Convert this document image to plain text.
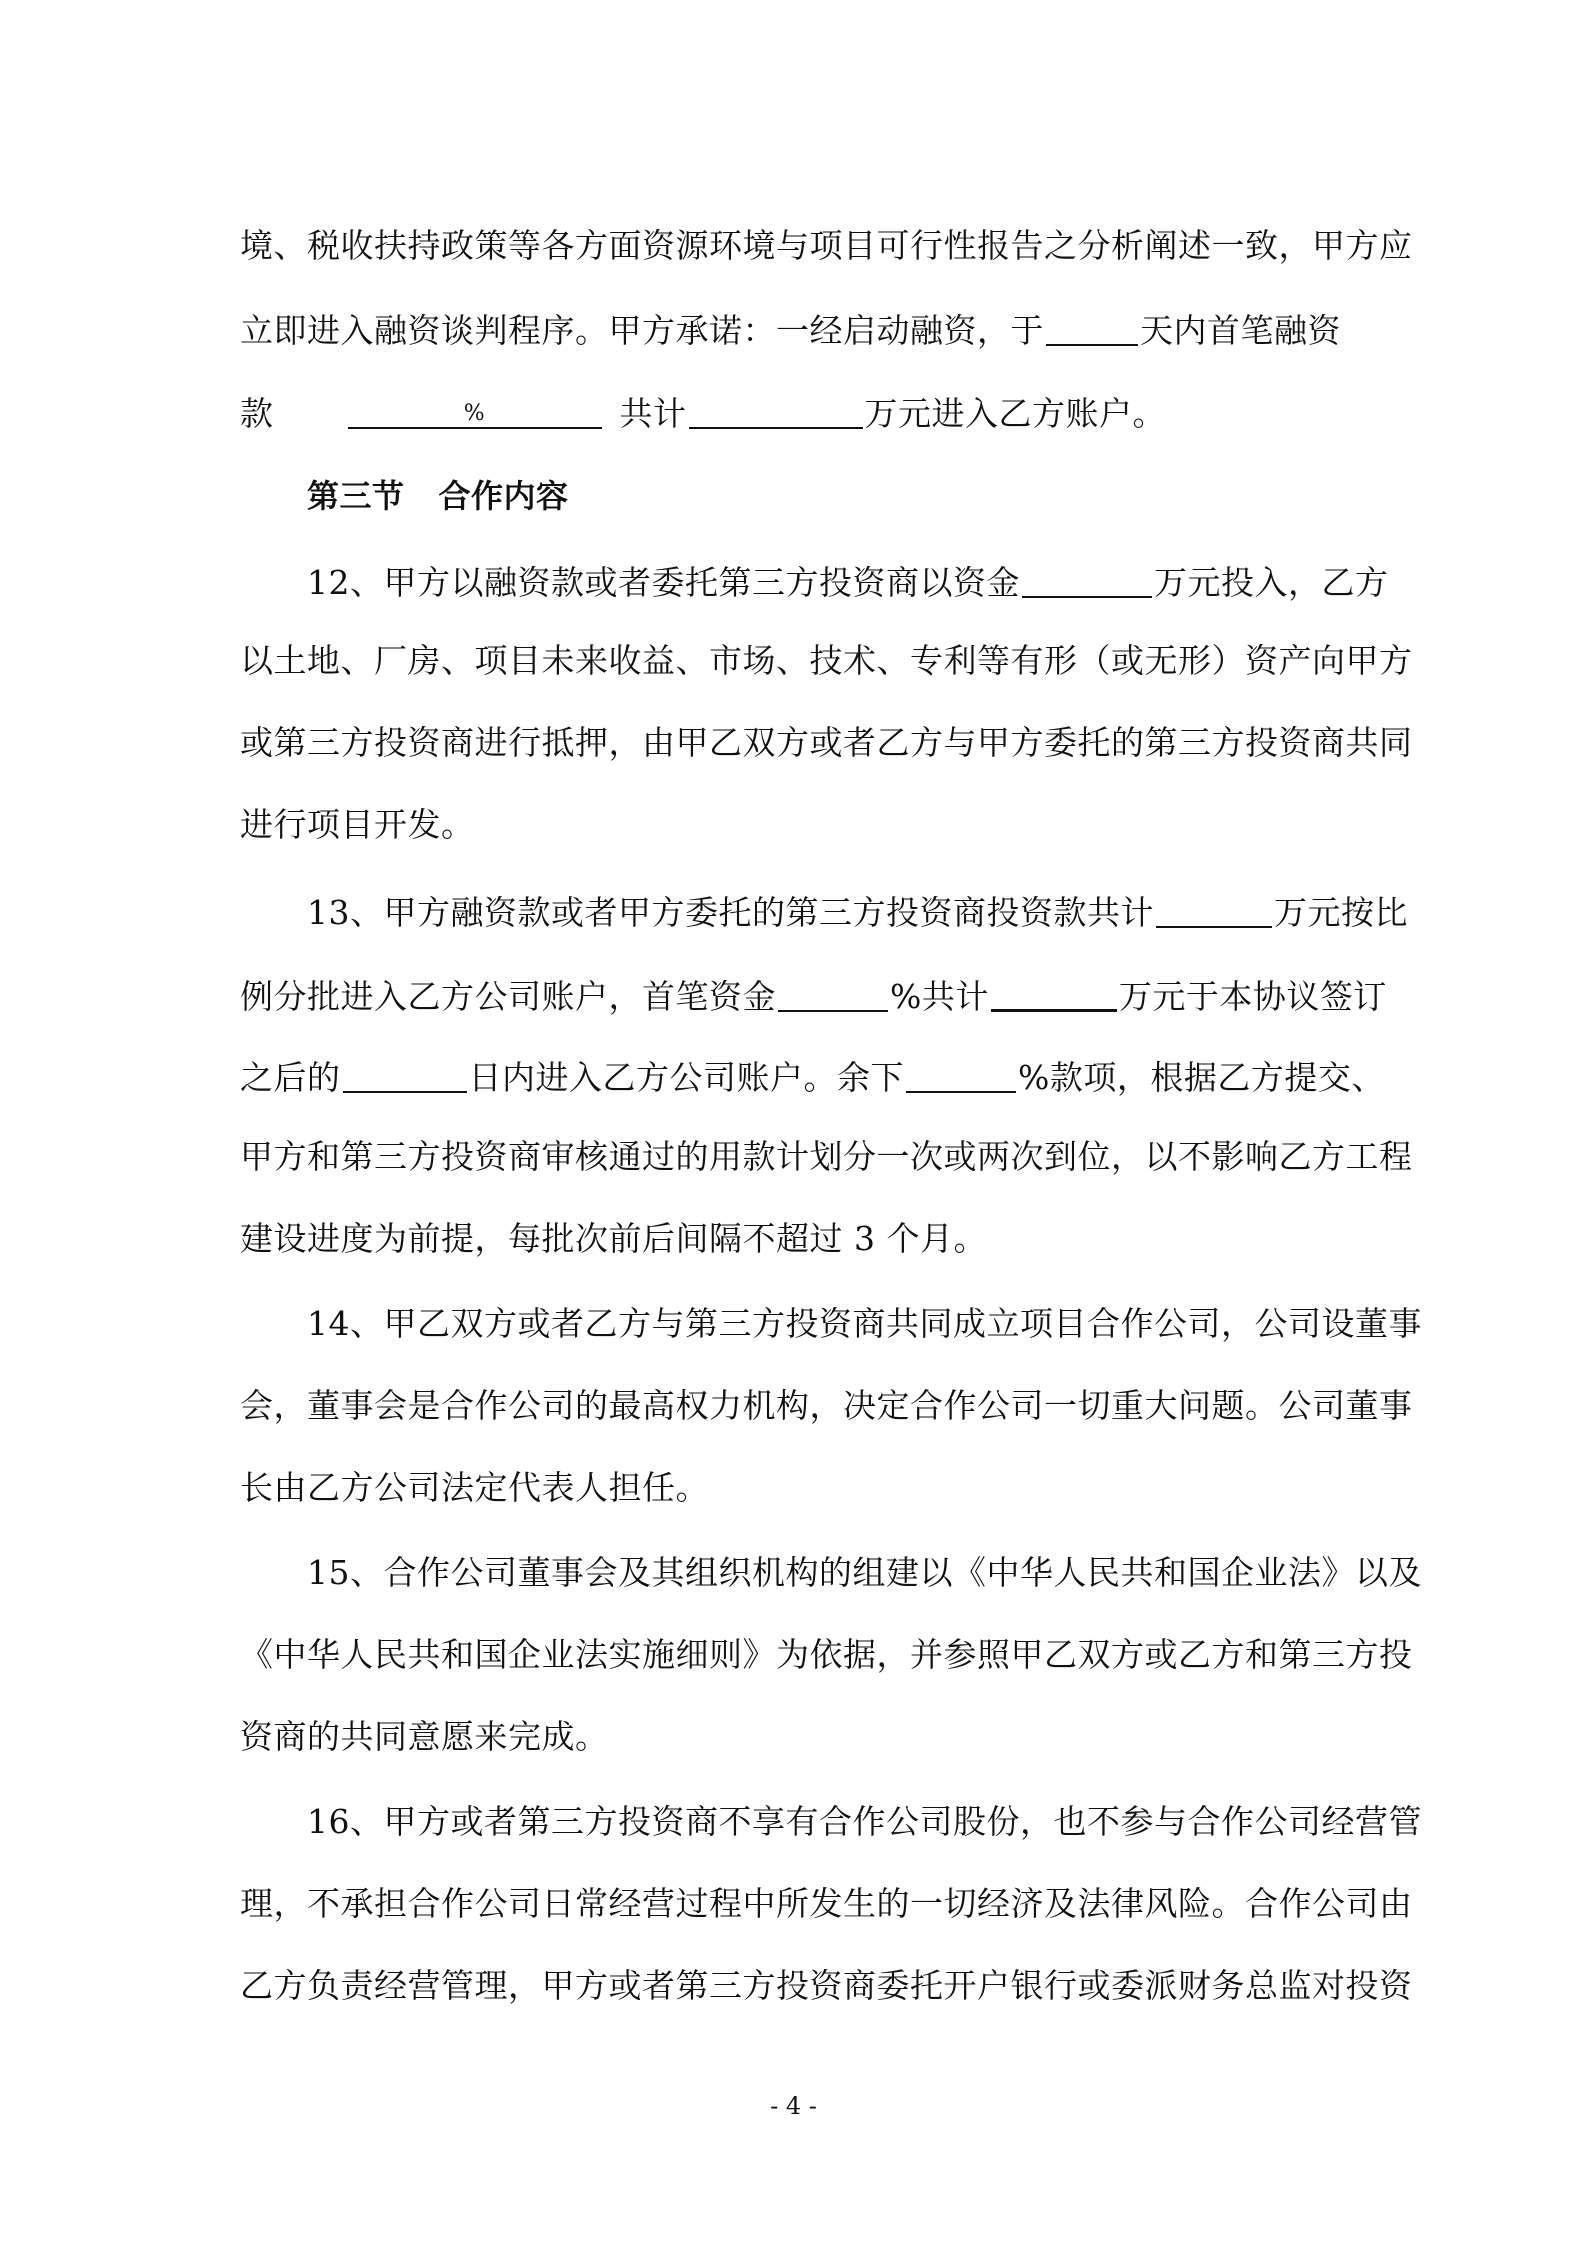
境、税收扶持政策等各方面资源环境与项目可行性报告之分析阐述一致，甲方应
立即进入融资谈判程序。甲方承诺：一经启动融资，于	天内首笔融资
款	%	共计	万元进入乙方账户。
第三节 合作内容
12、甲方以融资款或者委托第三方投资商以资金	万元投入，乙方
以土地、厂房、项目未来收益、市场、技术、专利等有形（或无形）资产向甲方
或第三方投资商进行抵押，由甲乙双方或者乙方与甲方委托的第三方投资商共同
进行项目开发。
13、甲方融资款或者甲方委托的第三方投资商投资款共计	万元按比
例分批进入乙方公司账户，首笔资金	%共计	万元于本协议签订
之后的	日内进入乙方公司账户。余下	%款项，根据乙方提交、
甲方和第三方投资商审核通过的用款计划分一次或两次到位，以不影响乙方工程
建设进度为前提，每批次前后间隔不超过 3 个月。
14、甲乙双方或者乙方与第三方投资商共同成立项目合作公司，公司设董事
会，董事会是合作公司的最高权力机构，决定合作公司一切重大问题。公司董事
长由乙方公司法定代表人担任。
15、合作公司董事会及其组织机构的组建以《中华人民共和国企业法》以及
《中华人民共和国企业法实施细则》为依据，并参照甲乙双方或乙方和第三方投
资商的共同意愿来完成。
16、甲方或者第三方投资商不享有合作公司股份，也不参与合作公司经营管
理，不承担合作公司日常经营过程中所发生的一切经济及法律风险。合作公司由
乙方负责经营管理，甲方或者第三方投资商委托开户银行或委派财务总监对投资
- 4 -
